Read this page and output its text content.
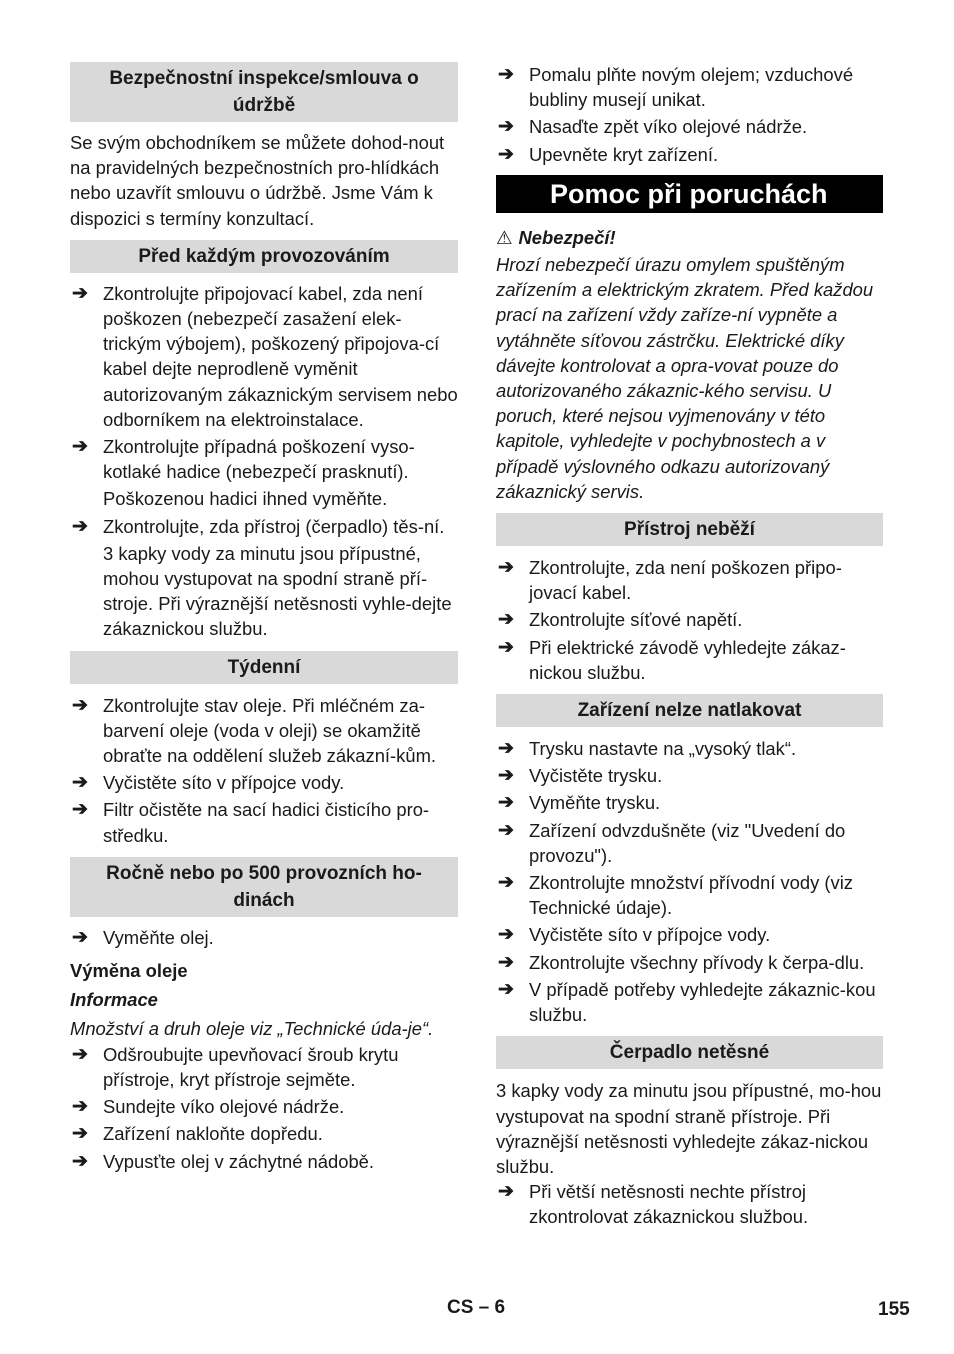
Bezpečnostní inspekce/smlouva o údržbě

Se svým obchodníkem se můžete dohod-nout na pravidelných bezpečnostních pro-hlídkách nebo uzavřít smlouvu o údržbě. Jsme Vám k dispozici s termíny konzultací.

Před každým provozováním
➔ Zkontrolujte připojovací kabel, zda není poškozen (nebezpečí zasažení elek-trickým výbojem), poškozený připojova-cí kabel dejte neprodleně vyměnit autorizovaným zákaznickým servisem nebo odborníkem na elektroinstalace.
➔ Zkontrolujte případná poškození vyso-kotlaké hadice (nebezpečí prasknutí).
Poškozenou hadici ihned vyměňte.
➔ Zkontrolujte, zda přístroj (čerpadlo) těs-ní.
3 kapky vody za minutu jsou přípustné, mohou vystupovat na spodní straně pří-stroje. Při výraznější netěsnosti vyhle-dejte zákaznickou službu.
Týdenní
➔ Zkontrolujte stav oleje. Při mléčném za-barvení oleje (voda v oleji) se okamžitě obraťte na oddělení služeb zákazní-kům.
➔ Vyčistěte síto v přípojce vody.
➔ Filtr očistěte na sací hadici čisticího pro-středku.
Ročně nebo po 500 provozních ho-dinách
➔ Vyměňte olej.
Výměna oleje
Informace
Množství a druh oleje viz „Technické úda-je“.
➔ Odšroubujte upevňovací šroub krytu přístroje, kryt přístroje sejměte.
➔ Sundejte víko olejové nádrže.
➔ Zařízení nakloňte dopředu.
➔ Vypusťte olej v záchytné nádobě.
➔ Pomalu plňte novým olejem; vzduchové bubliny musejí unikat.
➔ Nasaďte zpět víko olejové nádrže.
➔ Upevněte kryt zařízení.
Pomoc při poruchách
⚠ Nebezpečí!
Hrozí nebezpečí úrazu omylem spuštěným zařízením a elektrickým zkratem. Před každou prací na zařízení vždy zaříze-ní vypněte a vytáhněte síťovou zástrčku. Elektrické díky dávejte kontrolovat a opra-vovat pouze do autorizovaného zákaznic-kého servisu. U poruch, které nejsou vyjmenovány v této kapitole, vyhledejte v pochybnostech a v případě výslovného odkazu autorizovaný zákaznický servis.
Přístroj neběží
➔ Zkontrolujte, zda není poškozen připo-jovací kabel.
➔ Zkontrolujte síťové napětí.
➔ Při elektrické závodě vyhledejte zákaz-nickou službu.
Zařízení nelze natlakovat
➔ Trysku nastavte na „vysoký tlak“.
➔ Vyčistěte trysku.
➔ Vyměňte trysku.
➔ Zařízení odvzdušněte (viz "Uvedení do provozu").
➔ Zkontrolujte množství přívodní vody (viz Technické údaje).
➔ Vyčistěte síto v přípojce vody.
➔ Zkontrolujte všechny přívody k čerpa-dlu.
➔ V případě potřeby vyhledejte zákaznic-kou službu.
Čerpadlo netěsné

3 kapky vody za minutu jsou přípustné, mo-hou vystupovat na spodní straně přístroje. Při výraznější netěsnosti vyhledejte zákaz-nickou službu.

➔ Při větší netěsnosti nechte přístroj zkontrolovat zákaznickou službou.
CS – 6	155
